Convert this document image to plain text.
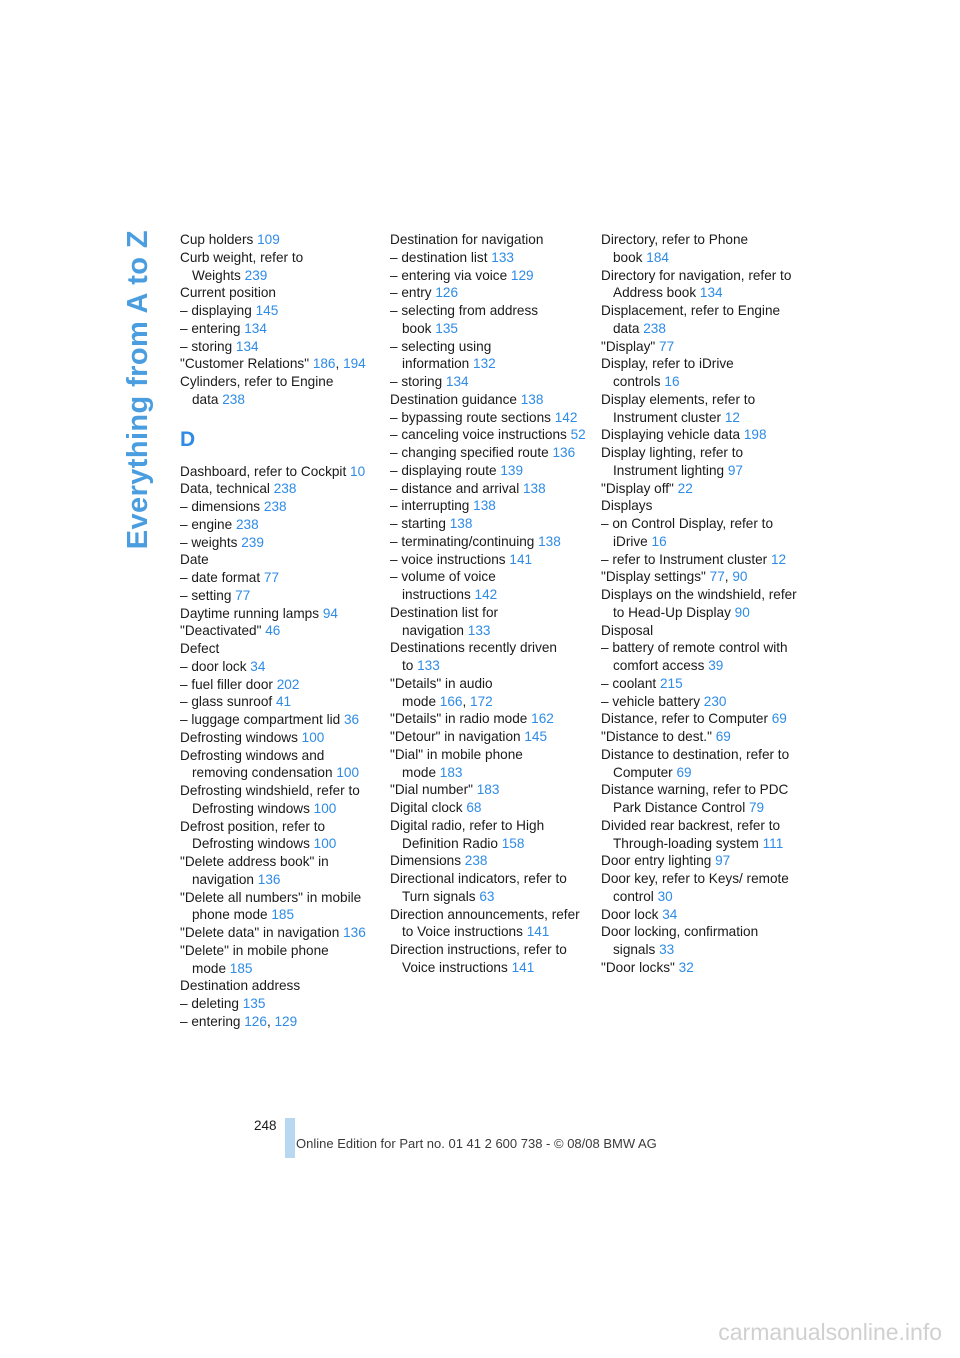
Everything from A to Z Cup holders 109
Curb weight, refer to Weights 239
Current position
– displaying 145
– entering 134
– storing 134
"Customer Relations" 186, 194
Cylinders, refer to Engine data 238
D
Dashboard, refer to Cockpit 10
Data, technical 238
– dimensions 238
– engine 238
– weights 239
Date
– date format 77
– setting 77
Daytime running lamps 94
"Deactivated" 46
Defect
– door lock 34
– fuel filler door 202
– glass sunroof 41
– luggage compartment lid 36
Defrosting windows 100
Defrosting windows and removing condensation 100
Defrosting windshield, refer to Defrosting windows 100
Defrost position, refer to Defrosting windows 100
"Delete address book" in navigation 136
"Delete all numbers" in mobile phone mode 185
"Delete data" in navigation 136
"Delete" in mobile phone mode 185
Destination address
– deleting 135
– entering 126, 129
Destination for navigation
– destination list 133
– entering via voice 129
– entry 126
– selecting from address book 135
– selecting using information 132
– storing 134
Destination guidance 138
– bypassing route sections 142
– canceling voice instructions 52
– changing specified route 136
– displaying route 139
– distance and arrival 138
– interrupting 138
– starting 138
– terminating/continuing 138
– voice instructions 141
– volume of voice instructions 142
Destination list for navigation 133
Destinations recently driven to 133
"Details" in audio mode 166, 172
"Details" in radio mode 162
"Detour" in navigation 145
"Dial" in mobile phone mode 183
"Dial number" 183
Digital clock 68
Digital radio, refer to High Definition Radio 158
Dimensions 238
Directional indicators, refer to Turn signals 63
Direction announcements, refer to Voice instructions 141
Direction instructions, refer to Voice instructions 141
Directory, refer to Phone book 184
Directory for navigation, refer to Address book 134
Displacement, refer to Engine data 238
"Display" 77
Display, refer to iDrive controls 16
Display elements, refer to Instrument cluster 12
Displaying vehicle data 198
Display lighting, refer to Instrument lighting 97
"Display off" 22
Displays
– on Control Display, refer to iDrive 16
– refer to Instrument cluster 12
"Display settings" 77, 90
Displays on the windshield, refer to Head-Up Display 90
Disposal
– battery of remote control with comfort access 39
– coolant 215
– vehicle battery 230
Distance, refer to Computer 69
"Distance to dest." 69
Distance to destination, refer to Computer 69
Distance warning, refer to PDC Park Distance Control 79
Divided rear backrest, refer to Through-loading system 111
Door entry lighting 97
Door key, refer to Keys/ remote control 30
Door lock 34
Door locking, confirmation signals 33
"Door locks" 32
248
Online Edition for Part no. 01 41 2 600 738 - © 08/08 BMW AG
carmanualsonline.info
